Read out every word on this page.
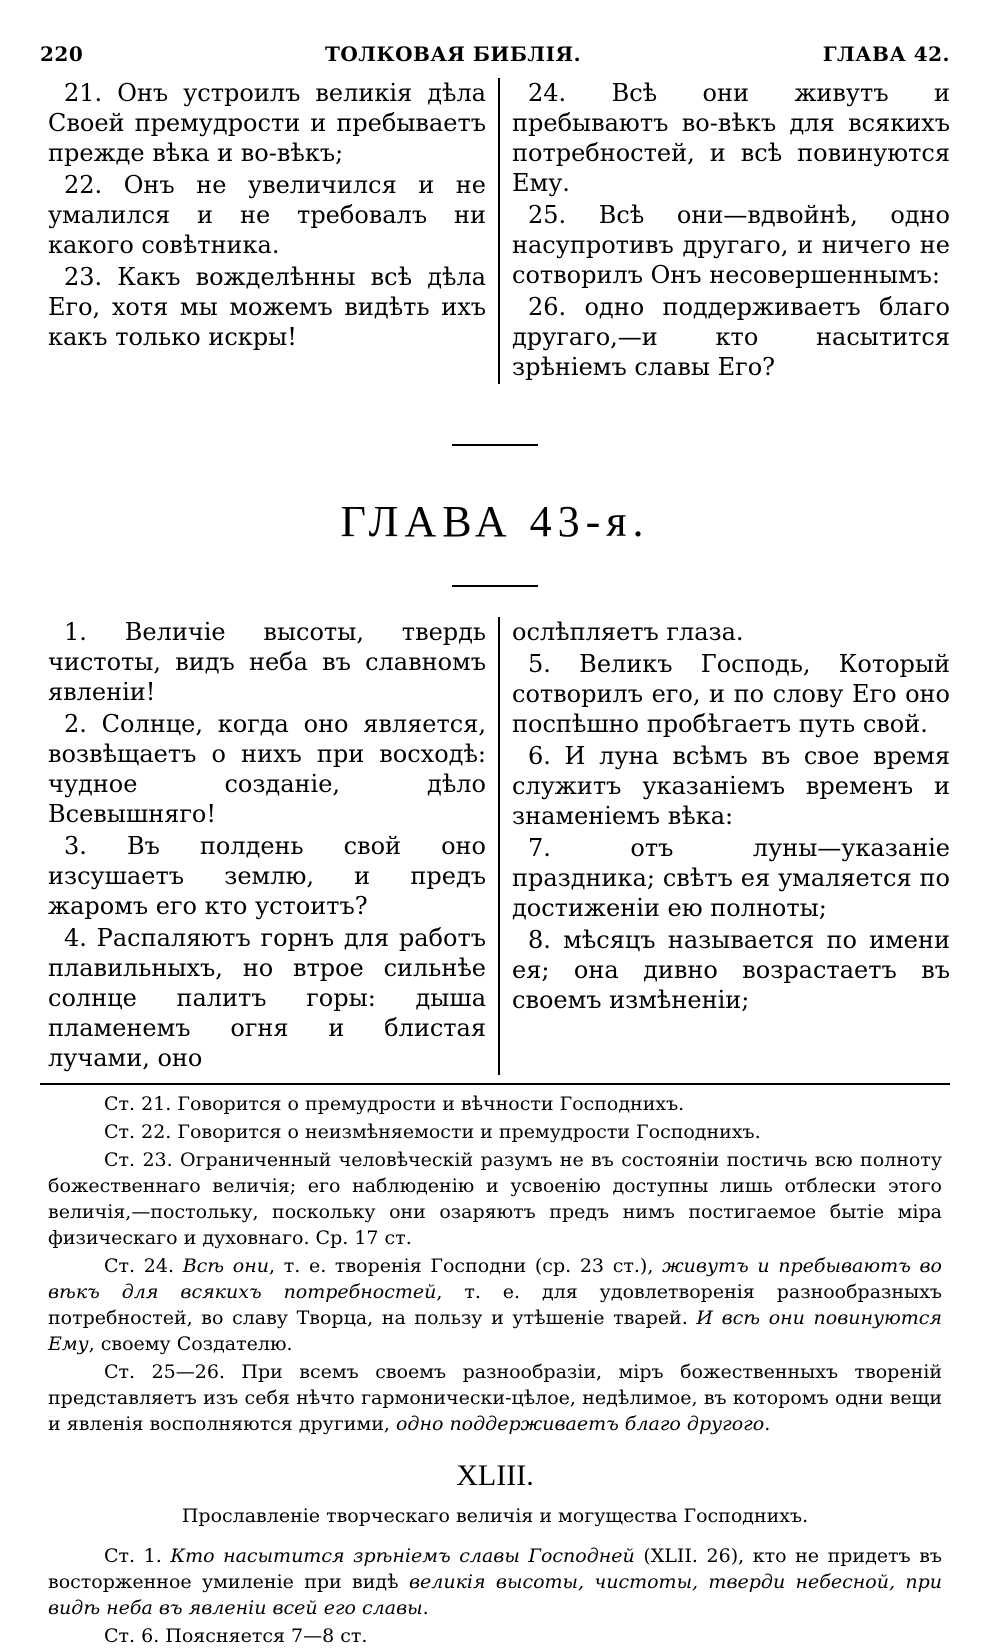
220	ТОЛКОВАЯ БИБЛІЯ.	ГЛАВА 42.

21. Онъ устроилъ великія дѣла Своей премудрости и пребываетъ прежде вѣка и во-вѣкъ;

22. Онъ не увеличился и не умалился и не требовалъ ни какого совѣтника.

23. Какъ вожделѣнны всѣ дѣла Его, хотя мы можемъ видѣть ихъ какъ только искры!

24. Всѣ они живутъ и пребываютъ во-вѣкъ для всякихъ потребностей, и всѣ повинуются Ему.

25. Всѣ они—вдвойнѣ, одно насупротивъ другаго, и ничего не сотворилъ Онъ несовершеннымъ:

26. одно поддерживаетъ благо другаго,—и кто насытится зрѣніемъ славы Его?

ГЛАВА 43-я.

1. Величіе высоты, твердь чистоты, видъ неба въ славномъ явленіи!

2. Солнце, когда оно является, возвѣщаетъ о нихъ при восходѣ: чудное созданіе, дѣло Всевышняго!

3. Въ полдень свой оно изсушаетъ землю, и предъ жаромъ его кто устоитъ?

4. Распаляютъ горнъ для работъ плавильныхъ, но втрое сильнѣе солнце палитъ горы: дыша пламенемъ огня и блистая лучами, оно

ослѣпляетъ глаза.

5. Великъ Господь, Который сотворилъ его, и по слову Его оно поспѣшно пробѣгаетъ путь свой.

6. И луна всѣмъ въ свое время служитъ указаніемъ временъ и знаменіемъ вѣка:

7. отъ луны—указаніе праздника; свѣтъ ея умаляется по достиженіи ею полноты;

8. мѣсяцъ называется по имени ея; она дивно возрастаетъ въ своемъ измѣненіи;

Ст. 21. Говорится о премудрости и вѣчности Господнихъ.

Ст. 22. Говорится о неизмѣняемости и премудрости Господнихъ.

Ст. 23. Ограниченный человѣческій разумъ не въ состояніи постичь всю полноту божественнаго величія; его наблюденію и усвоенію доступны лишь отблески этого величія,—постольку, поскольку они озаряютъ предъ нимъ постигаемое бытіе міра физическаго и духовнаго. Ср. 17 ст.

Ст. 24. Всѣ они, т. е. творенія Господни (ср. 23 ст.), живутъ и пребываютъ во вѣкъ для всякихъ потребностей, т. е. для удовлетворенія разнообразныхъ потребностей, во славу Творца, на пользу и утѣшеніе тварей. И всѣ они повинуются Ему, своему Создателю.

Ст. 25—26. При всемъ своемъ разнообразіи, міръ божественныхъ твореній представляетъ изъ себя нѣчто гармонически-цѣлое, недѣлимое, въ которомъ одни вещи и явленія восполняются другими, одно поддерживаетъ благо другого.

XLIII.
Прославленіе творческаго величія и могущества Господнихъ.

Ст. 1. Кто насытится зрѣніемъ славы Господней (XLII. 26), кто не придетъ въ восторженное умиленіе при видѣ великія высоты, чистоты, тверди небесной, при видѣ неба въ явленіи всей его славы.

Ст. 6. Поясняется 7—8 ст.
